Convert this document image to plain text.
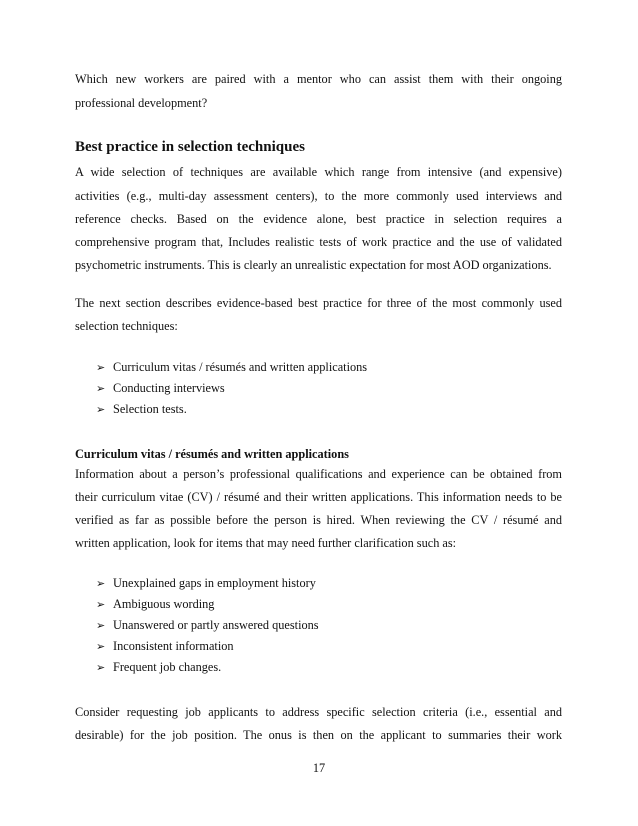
Which new workers are paired with a mentor who can assist them with their ongoing
professional development?
Best practice in selection techniques
A wide selection of techniques are available which range from intensive (and expensive)
activities (e.g., multi-day assessment centers), to the more commonly used interviews and
reference checks. Based on the evidence alone, best practice in selection requires a
comprehensive program that, Includes realistic tests of work practice and the use of validated
psychometric instruments. This is clearly an unrealistic expectation for most AOD organizations.
The next section describes evidence-based best practice for three of the most commonly used
selection techniques:
➢ Curriculum vitas / résumés and written applications
➢ Conducting interviews
➢ Selection tests.
Curriculum vitas / résumés and written applications
Information about a person’s professional qualifications and experience can be obtained from
their curriculum vitae (CV) / résumé and their written applications. This information needs to be
verified as far as possible before the person is hired. When reviewing the CV / résumé and
written application, look for items that may need further clarification such as:
➢ Unexplained gaps in employment history
➢ Ambiguous wording
➢ Unanswered or partly answered questions
➢ Inconsistent information
➢ Frequent job changes.
Consider requesting job applicants to address specific selection criteria (i.e., essential and
desirable) for the job position. The onus is then on the applicant to summaries their work
17
